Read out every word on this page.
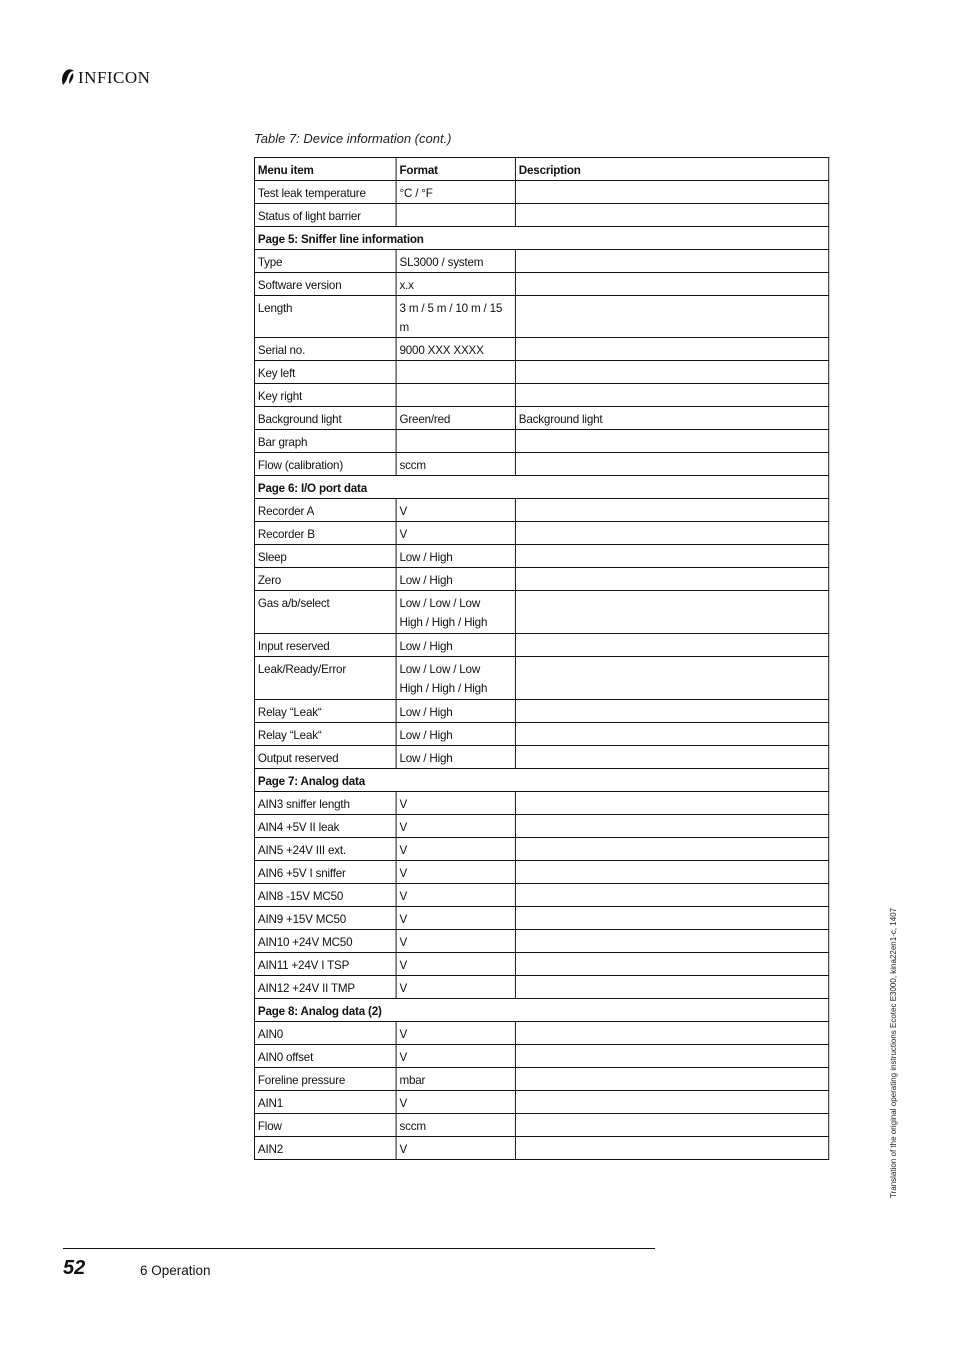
INFICON
Table 7: Device information (cont.)
Menu item	Format	Description
Test leak temperature	°C / °F	

Status of light barrier	

Page 5: Sniffer line information		
Type	SL3000 / system	

Software version	x.x	

Length	3 m / 5 m / 10 m / 15 m	

Serial no.	9000 XXX XXXX	

Key left	

Key right	

Background light	Green/red	Background light
Bar graph	

Flow (calibration)	sccm	

Page 6: I/O port data		
Recorder A	V	

Recorder B	V	

Sleep	Low / High	

Zero	Low / High	

Gas a/b/select	Low / Low / Low
High / High / High	

Input reserved	Low / High	

Leak/Ready/Error	Low / Low / Low
High / High / High	

Relay “Leak“	Low / High	

Relay “Leak“	Low / High	

Output reserved	Low / High	

Page 7: Analog data		
AIN3 sniffer length	V	

AIN4 +5V II leak	V	

AIN5 +24V III ext.	V	

AIN6 +5V I sniffer	V	

AIN8 -15V MC50	V	

AIN9 +15V MC50	V	

AIN10 +24V MC50	V	

AIN11 +24V I TSP	V	

AIN12 +24V II TMP	V	

Page 8: Analog data (2)		
AIN0	V	

AIN0 offset	V	

Foreline pressure	mbar	

AIN1	V	

Flow	sccm	

AIN2	V	

52	6 Operation
Translation of the original operating instructions Ecotec E3000, kina22en1-c, 1407
